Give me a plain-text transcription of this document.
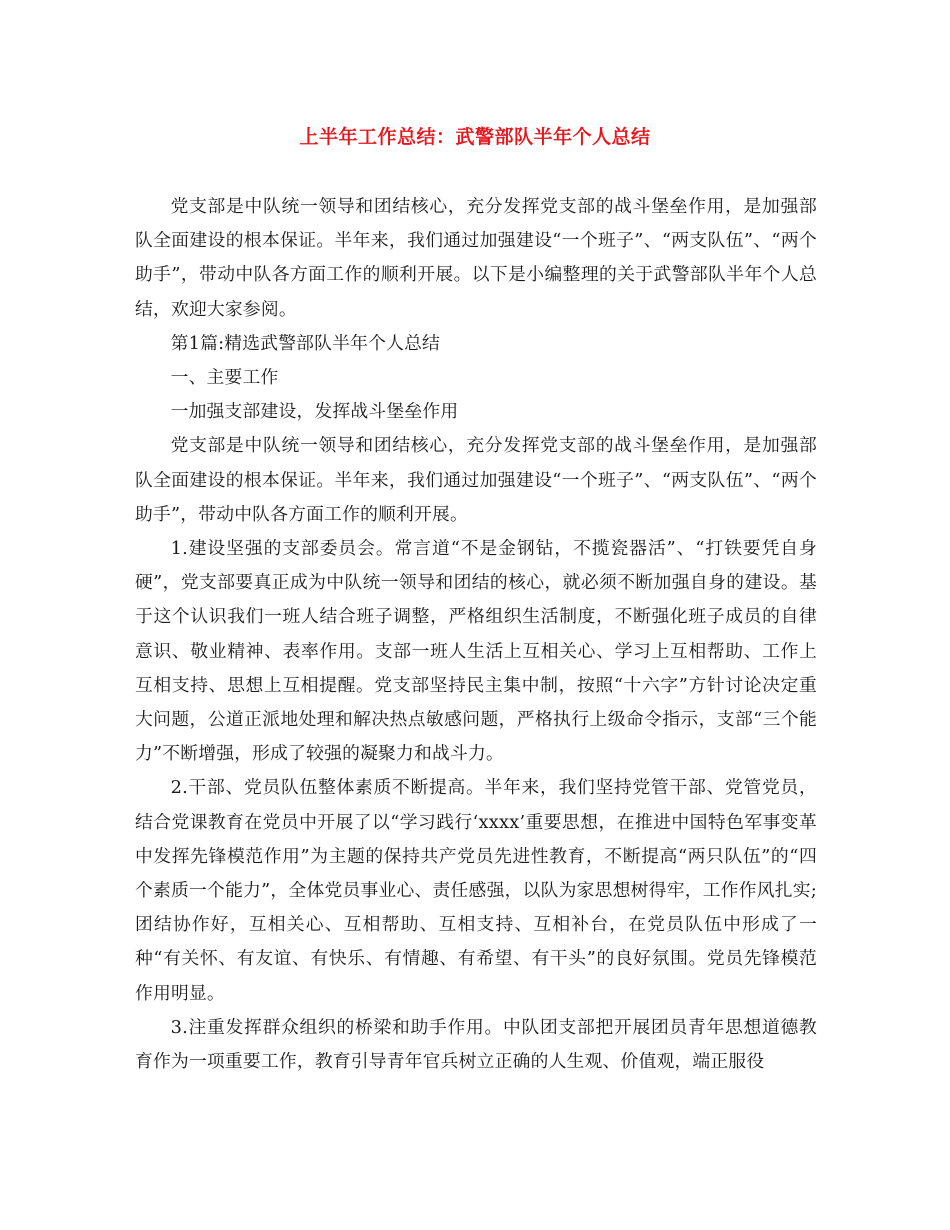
上半年工作总结：武警部队半年个人总结

党支部是中队统一领导和团结核心，充分发挥党支部的战斗堡垒作用，是加强部队全面建设的根本保证。半年来，我们通过加强建设“一个班子”、“两支队伍”、“两个助手”，带动中队各方面工作的顺利开展。以下是小编整理的关于武警部队半年个人总结，欢迎大家参阅。

第1篇:精选武警部队半年个人总结

一、主要工作

一加强支部建设，发挥战斗堡垒作用

党支部是中队统一领导和团结核心，充分发挥党支部的战斗堡垒作用，是加强部队全面建设的根本保证。半年来，我们通过加强建设“一个班子”、“两支队伍”、“两个助手”，带动中队各方面工作的顺利开展。

1.建设坚强的支部委员会。常言道“不是金钢钻，不揽瓷器活”、“打铁要凭自身硬”，党支部要真正成为中队统一领导和团结的核心，就必须不断加强自身的建设。基于这个认识我们一班人结合班子调整，严格组织生活制度，不断强化班子成员的自律意识、敬业精神、表率作用。支部一班人生活上互相关心、学习上互相帮助、工作上互相支持、思想上互相提醒。党支部坚持民主集中制，按照“十六字”方针讨论决定重大问题，公道正派地处理和解决热点敏感问题，严格执行上级命令指示，支部“三个能力”不断增强，形成了较强的凝聚力和战斗力。

2.干部、党员队伍整体素质不断提高。半年来，我们坚持党管干部、党管党员，结合党课教育在党员中开展了以“学习践行‘xxxx’重要思想，在推进中国特色军事变革中发挥先锋模范作用”为主题的保持共产党员先进性教育，不断提高“两只队伍”的“四个素质一个能力”，全体党员事业心、责任感强，以队为家思想树得牢，工作作风扎实;团结协作好，互相关心、互相帮助、互相支持、互相补台，在党员队伍中形成了一种“有关怀、有友谊、有快乐、有情趣、有希望、有干头”的良好氛围。党员先锋模范作用明显。

3.注重发挥群众组织的桥梁和助手作用。中队团支部把开展团员青年思想道德教育作为一项重要工作，教育引导青年官兵树立正确的人生观、价值观，端正服役
